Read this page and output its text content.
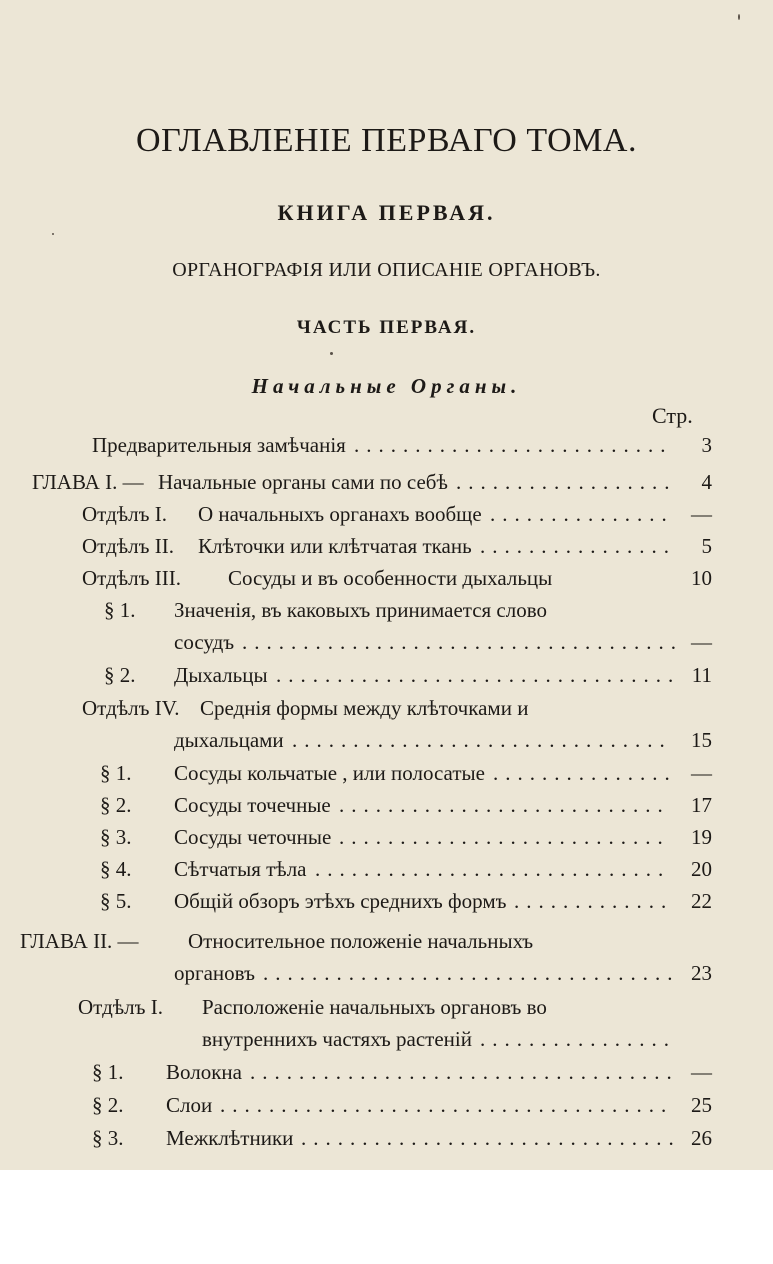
ОГЛАВЛЕНІЕ ПЕРВАГО ТОМА.
КНИГА ПЕРВАЯ.
ОРГАНОГРАФІЯ ИЛИ ОПИСАНІЕ ОРГАНОВЪ.
ЧАСТЬ ПЕРВАЯ.
Начальные Органы.
Стр.
Предварительныя замѣчанія	3
..........................
ГЛАВА I. — Начальные органы сами по себѣ	4
..................
Отдѣлъ I. О начальныхъ органахъ вообще	—
...............
Отдѣлъ II. Клѣточки или клѣтчатая ткань	5
................
Отдѣлъ III. Сосуды и въ особенности дыхальцы	10
§ 1. Значенія, въ каковыхъ принимается слово
сосудъ	—
....................................
§ 2. Дыхальцы	11
.................................
Отдѣлъ IV. Среднія формы между клѣточками и
дыхальцами	15
...............................
§ 1. Сосуды кольчатые , или полосатые	—
...............
§ 2. Сосуды точечные	17
...........................
§ 3. Сосуды четочные	19
...........................
§ 4. Сѣтчатыя тѣла	20
.............................
§ 5. Общій обзоръ этѣхъ среднихъ формъ	22
.............
ГЛАВА II. — Относительное положеніе начальныхъ
органовъ	23
..................................
Отдѣлъ I. Расположеніе начальныхъ органовъ во
внутреннихъ частяхъ растеній ................
§ 1. Волокна	—
...................................
§ 2. Слои	25
.....................................
§ 3. Межклѣтники	26
...............................
